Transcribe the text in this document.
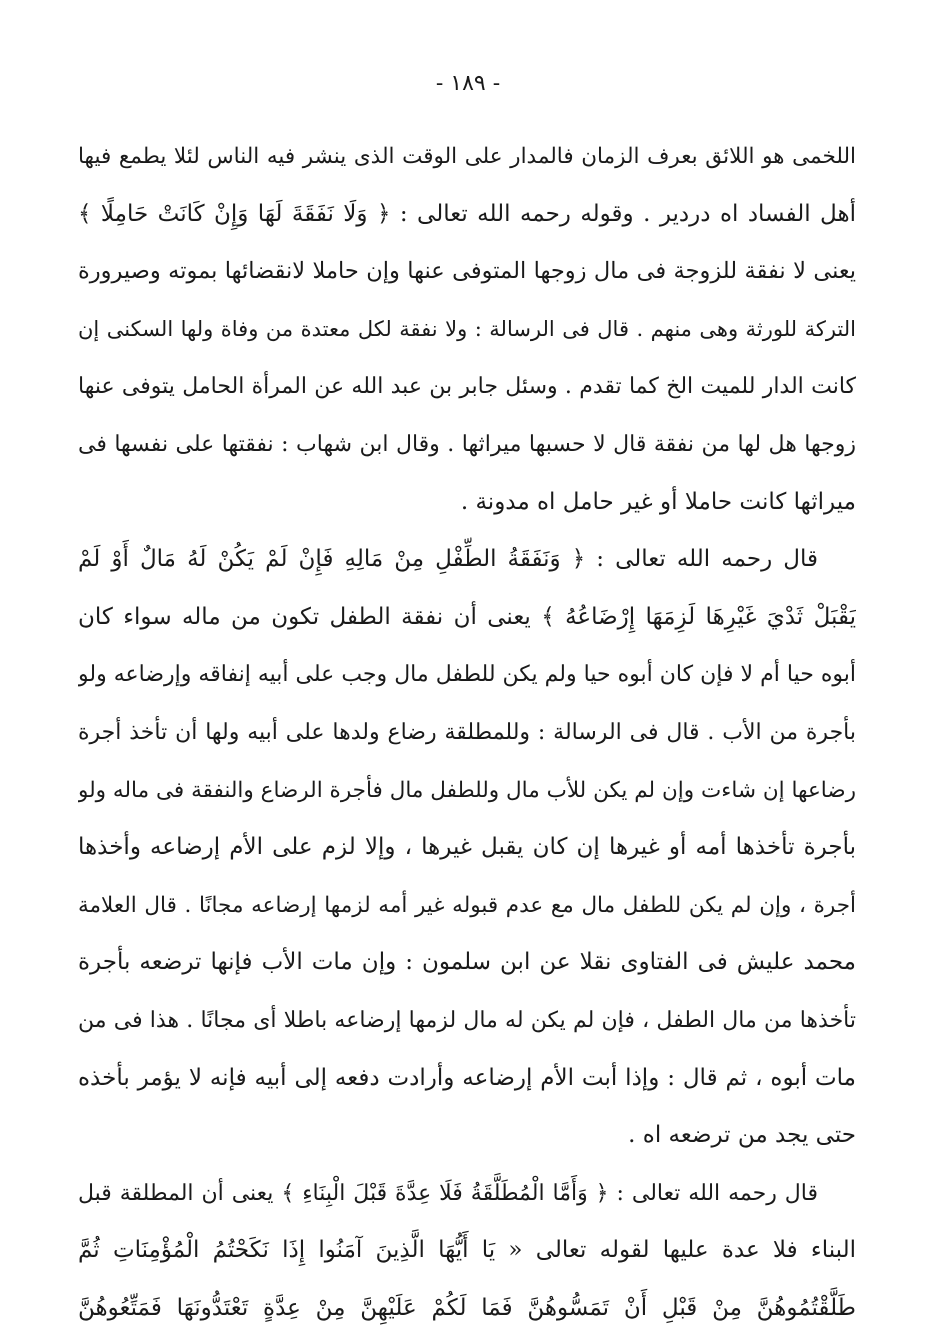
- ١٨٩ -
اللخمى هو اللائق بعرف الزمان فالمدار على الوقت الذى ينشر فيه الناس لئلا يطمع فيها
أهل الفساد اه دردير . وقوله رحمه الله تعالى : ﴿ وَلَا نَفَقَةَ لَهَا وَإِنْ كَانَتْ حَامِلًا ﴾
يعنى لا نفقة للزوجة فى مال زوجها المتوفى عنها وإن حاملا لانقضائها بموته وصيرورة
التركة للورثة وهى منهم . قال فى الرسالة : ولا نفقة لكل معتدة من وفاة ولها السكنى إن
كانت الدار للميت الخ كما تقدم . وسئل جابر بن عبد الله عن المرأة الحامل يتوفى عنها
زوجها هل لها من نفقة قال لا حسبها ميراثها . وقال ابن شهاب : نفقتها على نفسها فى
ميراثها كانت حاملا أو غير حامل اه مدونة .
قال رحمه الله تعالى : ﴿ وَنَفَقَةُ الطِّفْلِ مِنْ مَالِهِ فَإِنْ لَمْ يَكُنْ لَهُ مَالٌ أَوْ لَمْ
يَقْبَلْ ثَدْيَ غَيْرِهَا لَزِمَهَا إِرْضَاعُهُ ﴾ يعنى أن نفقة الطفل تكون من ماله سواء كان
أبوه حيا أم لا فإن كان أبوه حيا ولم يكن للطفل مال وجب على أبيه إنفاقه وإرضاعه ولو
بأجرة من الأب . قال فى الرسالة : وللمطلقة رضاع ولدها على أبيه ولها أن تأخذ أجرة
رضاعها إن شاءت وإن لم يكن للأب مال وللطفل مال فأجرة الرضاع والنفقة فى ماله ولو
بأجرة تأخذها أمه أو غيرها إن كان يقبل غيرها ، وإلا لزم على الأم إرضاعه وأخذها
أجرة ، وإن لم يكن للطفل مال مع عدم قبوله غير أمه لزمها إرضاعه مجانًا . قال العلامة
محمد عليش فى الفتاوى نقلا عن ابن سلمون : وإن مات الأب فإنها ترضعه بأجرة
تأخذها من مال الطفل ، فإن لم يكن له مال لزمها إرضاعه باطلا أى مجانًا . هذا فى من
مات أبوه ، ثم قال : وإذا أبت الأم إرضاعه وأرادت دفعه إلى أبيه فإنه لا يؤمر بأخذه
حتى يجد من ترضعه اه .
قال رحمه الله تعالى : ﴿ وَأَمَّا الْمُطَلَّقَةُ فَلَا عِدَّةَ قَبْلَ الْبِنَاءِ ﴾ يعنى أن المطلقة قبل
البناء فلا عدة عليها لقوله تعالى « يَا أَيُّهَا الَّذِينَ آمَنُوا إِذَا نَكَحْتُمُ الْمُؤْمِنَاتِ ثُمَّ
طَلَّقْتُمُوهُنَّ مِنْ قَبْلِ أَنْ تَمَسُّوهُنَّ فَمَا لَكُمْ عَلَيْهِنَّ مِنْ عِدَّةٍ تَعْتَدُّونَهَا فَمَتِّعُوهُنَّ
